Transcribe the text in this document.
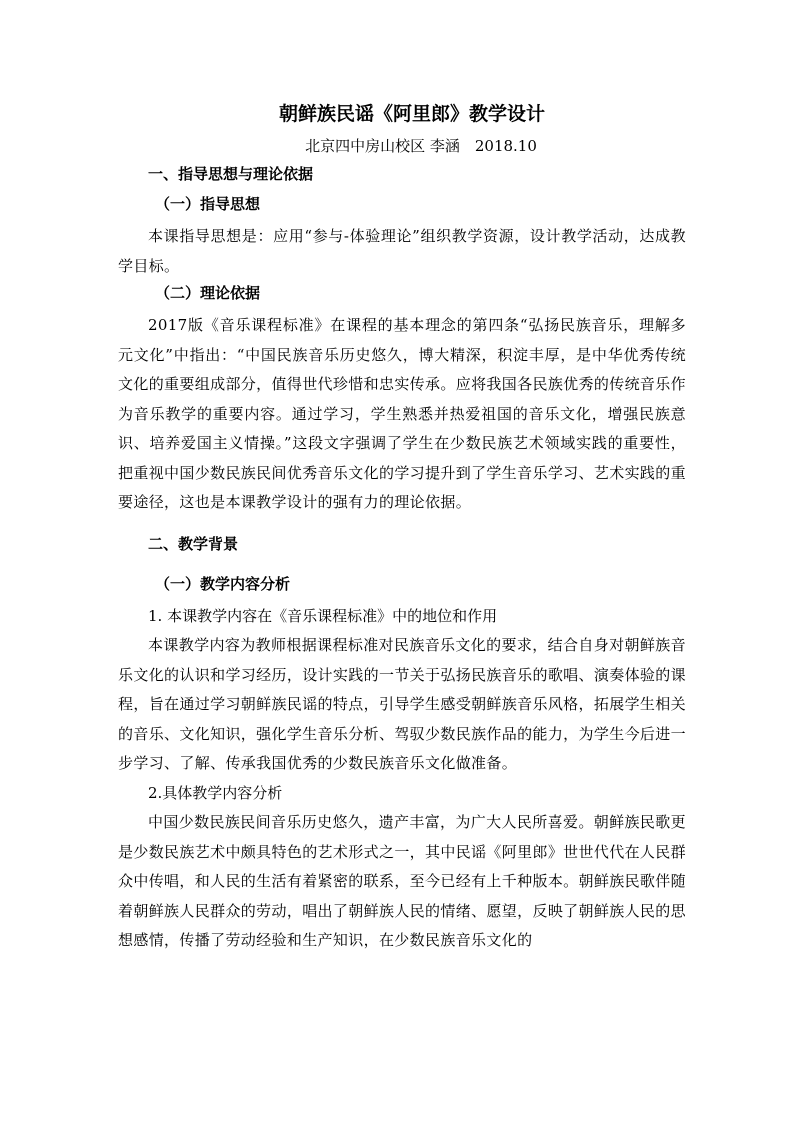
朝鲜族民谣《阿里郎》教学设计
北京四中房山校区 李涵　2018.10
一、指导思想与理论依据
（一）指导思想

本课指导思想是：应用“参与-体验理论”组织教学资源，设计教学活动，达成教学目标。

（二）理论依据

2017版《音乐课程标准》在课程的基本理念的第四条“弘扬民族音乐，理解多元文化”中指出：“中国民族音乐历史悠久，博大精深，积淀丰厚，是中华优秀传统文化的重要组成部分，值得世代珍惜和忠实传承。应将我国各民族优秀的传统音乐作为音乐教学的重要内容。通过学习，学生熟悉并热爱祖国的音乐文化，增强民族意识、培养爱国主义情操。”这段文字强调了学生在少数民族艺术领域实践的重要性，把重视中国少数民族民间优秀音乐文化的学习提升到了学生音乐学习、艺术实践的重要途径，这也是本课教学设计的强有力的理论依据。

二、教学背景
（一）教学内容分析
1. 本课教学内容在《音乐课程标准》中的地位和作用

本课教学内容为教师根据课程标准对民族音乐文化的要求，结合自身对朝鲜族音乐文化的认识和学习经历，设计实践的一节关于弘扬民族音乐的歌唱、演奏体验的课程，旨在通过学习朝鲜族民谣的特点，引导学生感受朝鲜族音乐风格，拓展学生相关的音乐、文化知识，强化学生音乐分析、驾驭少数民族作品的能力，为学生今后进一步学习、了解、传承我国优秀的少数民族音乐文化做准备。

2.具体教学内容分析

中国少数民族民间音乐历史悠久，遗产丰富，为广大人民所喜爱。朝鲜族民歌更是少数民族艺术中颇具特色的艺术形式之一，其中民谣《阿里郎》世世代代在人民群众中传唱，和人民的生活有着紧密的联系，至今已经有上千种版本。朝鲜族民歌伴随着朝鲜族人民群众的劳动，唱出了朝鲜族人民的情绪、愿望，反映了朝鲜族人民的思想感情，传播了劳动经验和生产知识，在少数民族音乐文化的
